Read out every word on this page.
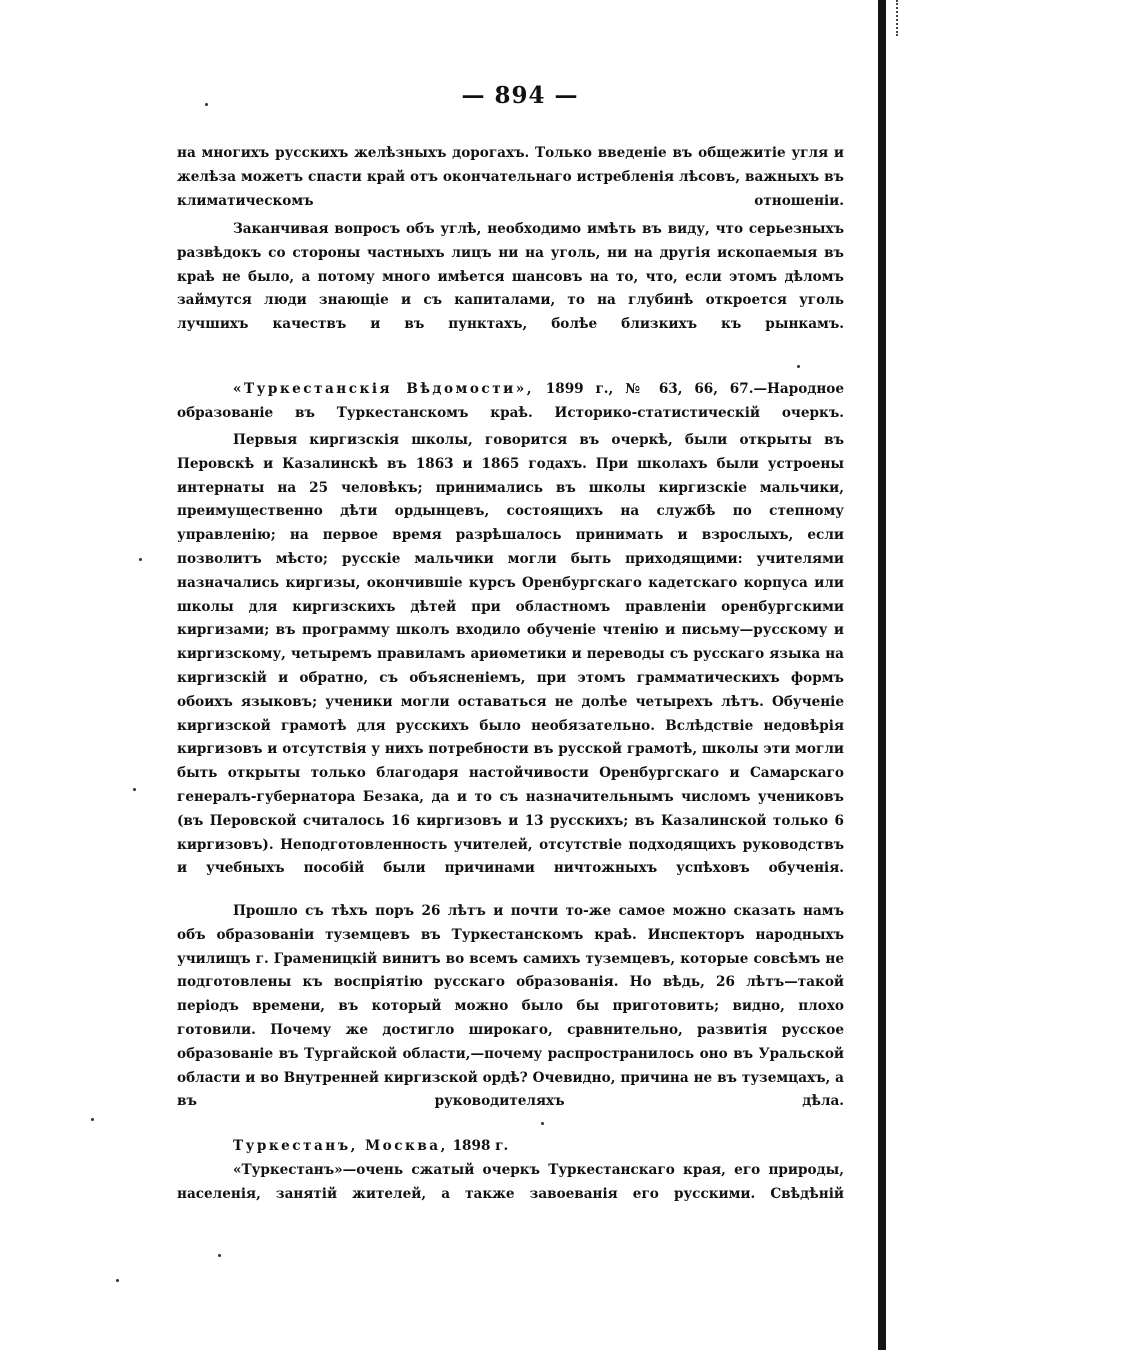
— 894 —
на многихъ русскихъ желѣзныхъ дорогахъ. Только введеніе въ общежитіе угля и желѣза можетъ спасти край отъ окончательнаго истребленія лѣсовъ, важныхъ въ климатическомъ отношеніи.
Заканчивая вопросъ объ углѣ, необходимо имѣть въ виду, что серьезныхъ развѣдокъ со стороны частныхъ лицъ ни на уголь, ни на другія ископаемыя въ краѣ не было, а потому много имѣется шансовъ на то, что, если этомъ дѣломъ займутся люди знающіе и съ капиталами, то на глубинѣ откроется уголь лучшихъ качествъ и въ пунктахъ, болѣе близкихъ къ рынкамъ.
«Туркестанскія Вѣдомости», 1899 г., № 63, 66, 67.—Народное образованіе въ Туркестанскомъ краѣ. Историко-статистическій очеркъ.
Первыя киргизскія школы, говорится въ очеркѣ, были открыты въ Перовскѣ и Казалинскѣ въ 1863 и 1865 годахъ. При школахъ были устроены интернаты на 25 человѣкъ; принимались въ школы киргизскіе мальчики, преимущественно дѣти ордынцевъ, состоящихъ на службѣ по степному управленію; на первое время разрѣшалось принимать и взрослыхъ, если позволитъ мѣсто; русскіе мальчики могли быть приходящими: учителями назначались киргизы, окончившіе курсъ Оренбургскаго кадетскаго корпуса или школы для киргизскихъ дѣтей при областномъ правленіи оренбургскими киргизами; въ программу школъ входило обученіе чтенію и письму—русскому и киргизскому, четыремъ правиламъ ариѳметики и переводы съ русскаго языка на киргизскій и обратно, съ объясненіемъ, при этомъ грамматическихъ формъ обоихъ языковъ; ученики могли оставаться не долѣе четырехъ лѣтъ. Обученіе киргизской грамотѣ для русскихъ было необязательно. Вслѣдствіе недовѣрія киргизовъ и отсутствія у нихъ потребности въ русской грамотѣ, школы эти могли быть открыты только благодаря настойчивости Оренбургскаго и Самарскаго генералъ-губернатора Безака, да и то съ назначительнымъ числомъ учениковъ (въ Перовской считалось 16 киргизовъ и 13 русскихъ; въ Казалинской только 6 киргизовъ). Неподготовленность учителей, отсутствіе подходящихъ руководствъ и учебныхъ пособій были причинами ничтожныхъ успѣховъ обученія.
Прошло съ тѣхъ поръ 26 лѣтъ и почти то-же самое можно сказать намъ объ образованіи туземцевъ въ Туркестанскомъ краѣ. Инспекторъ народныхъ училищъ г. Граменицкій винитъ во всемъ самихъ туземцевъ, которые совсѣмъ не подготовлены къ воспріятію русскаго образованія. Но вѣдь, 26 лѣтъ—такой періодъ времени, въ который можно было бы приготовить; видно, плохо готовили. Почему же достигло широкаго, сравнительно, развитія русское образованіе въ Тургайской области,—почему распространилось оно въ Уральской области и во Внутренней киргизской ордѣ? Очевидно, причина не въ туземцахъ, а въ руководителяхъ дѣла.
Туркестанъ, Москва, 1898 г.
«Туркестанъ»—очень сжатый очеркъ Туркестанскаго края, его природы, населенія, занятій жителей, а также завоеванія его русскими. Свѣдѣній
